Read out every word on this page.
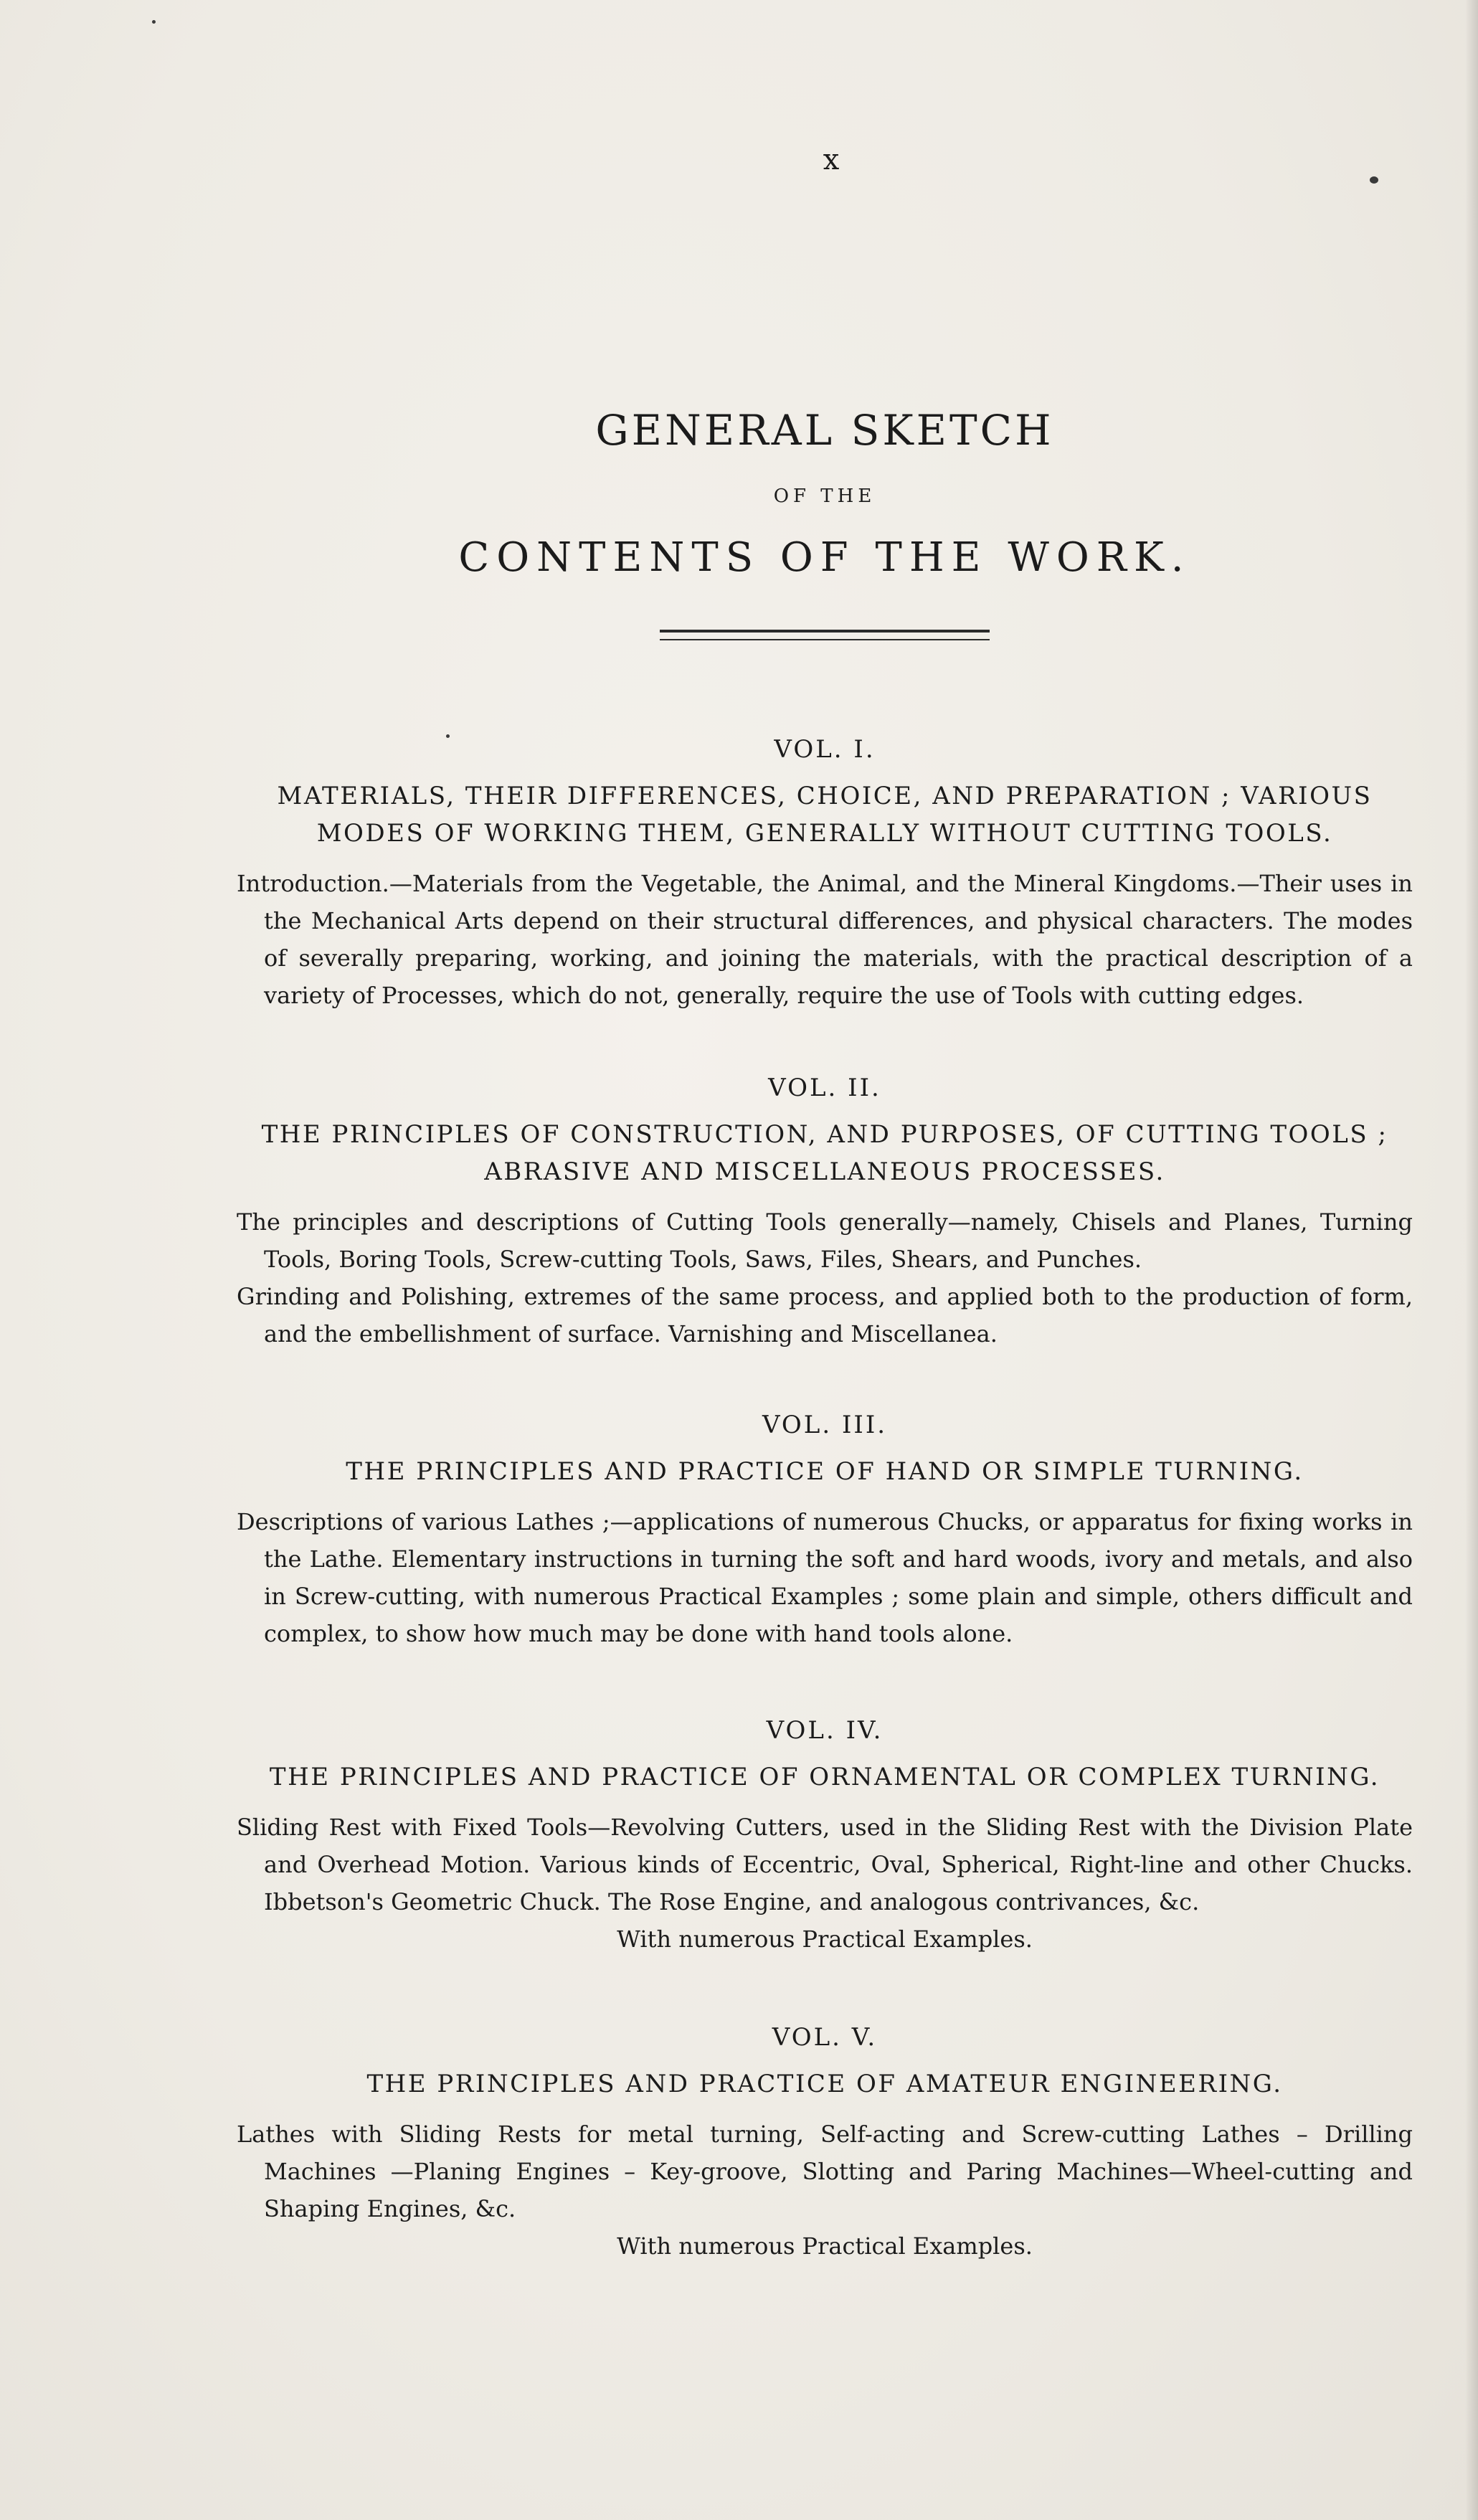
x
GENERAL SKETCH
OF THE
CONTENTS OF THE WORK.
VOL. I.
MATERIALS, THEIR DIFFERENCES, CHOICE, AND PREPARATION ; VARIOUS MODES OF WORKING THEM, GENERALLY WITHOUT CUTTING TOOLS.

Introduction.—Materials from the Vegetable, the Animal, and the Mineral Kingdoms.—Their uses in the Mechanical Arts depend on their structural differences, and physical characters. The modes of severally preparing, working, and joining the materials, with the practical description of a variety of Processes, which do not, generally, require the use of Tools with cutting edges.

VOL. II.
THE PRINCIPLES OF CONSTRUCTION, AND PURPOSES, OF CUTTING TOOLS ; ABRASIVE AND MISCELLANEOUS PROCESSES.

The principles and descriptions of Cutting Tools generally—namely, Chisels and Planes, Turning Tools, Boring Tools, Screw-cutting Tools, Saws, Files, Shears, and Punches.

Grinding and Polishing, extremes of the same process, and applied both to the production of form, and the embellishment of surface. Varnishing and Miscellanea.

VOL. III.
THE PRINCIPLES AND PRACTICE OF HAND OR SIMPLE TURNING.

Descriptions of various Lathes ;—applications of numerous Chucks, or apparatus for fixing works in the Lathe. Elementary instructions in turning the soft and hard woods, ivory and metals, and also in Screw-cutting, with numerous Practical Examples ; some plain and simple, others difficult and complex, to show how much may be done with hand tools alone.

VOL. IV.
THE PRINCIPLES AND PRACTICE OF ORNAMENTAL OR COMPLEX TURNING.

Sliding Rest with Fixed Tools—Revolving Cutters, used in the Sliding Rest with the Division Plate and Overhead Motion. Various kinds of Eccentric, Oval, Spherical, Right-line and other Chucks. Ibbetson's Geometric Chuck. The Rose Engine, and analogous contrivances, &c.

With numerous Practical Examples.

VOL. V.
THE PRINCIPLES AND PRACTICE OF AMATEUR ENGINEERING.

Lathes with Sliding Rests for metal turning, Self-acting and Screw-cutting Lathes – Drilling Machines —Planing Engines – Key-groove, Slotting and Paring Machines—Wheel-cutting and Shaping Engines, &c.

With numerous Practical Examples.
